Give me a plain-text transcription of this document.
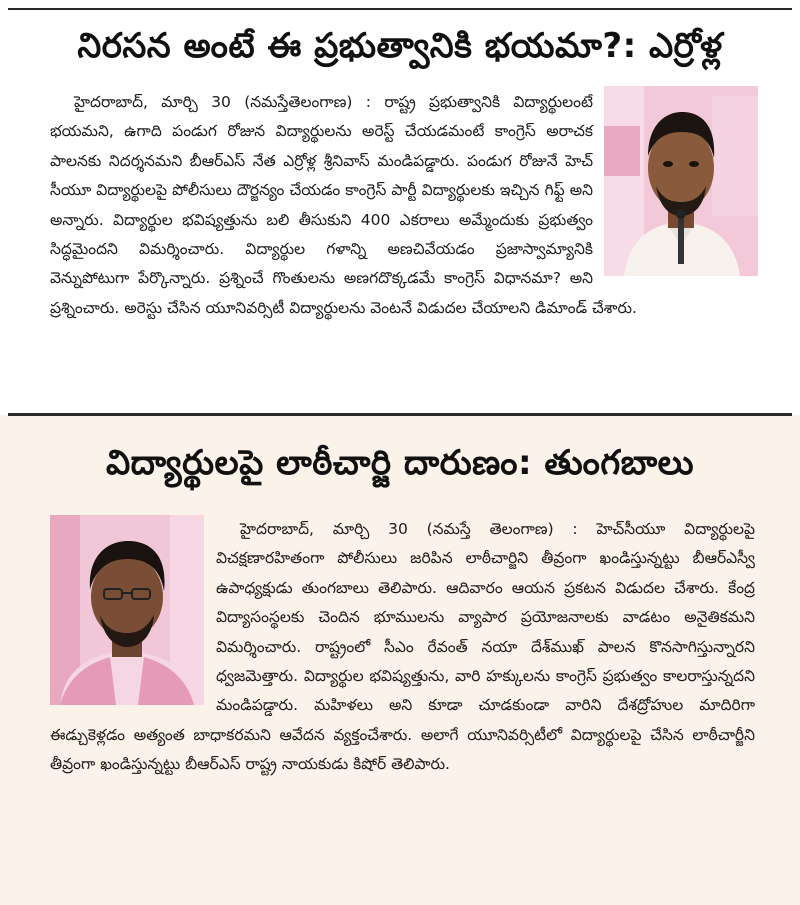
నిరసన అంటే ఈ ప్రభుత్వానికి భయమా?: ఎర్రోళ్ల
హైదరాబాద్, మార్చి 30 (నమస్తేతెలంగాణ) : రాష్ట్ర ప్రభుత్వానికి విద్యార్థులంటే భయమని, ఉగాది పండుగ రోజున విద్యార్థులను అరెస్ట్ చేయడమంటే కాంగ్రెస్ అరాచక పాలనకు నిదర్శనమని బీఆర్ఎస్ నేత ఎర్రోళ్ల శ్రీనివాస్ మండిపడ్డారు. పండుగ రోజునే హెచ్ సీయూ విద్యార్థులపై పోలీసులు దౌర్జన్యం చేయడం కాంగ్రెస్ పార్టీ విద్యార్థులకు ఇచ్చిన గిఫ్ట్ అని అన్నారు. విద్యార్థుల భవిష్యత్తును బలి తీసుకుని 400 ఎకరాలు అమ్మేందుకు ప్రభుత్వం సిద్ధమైందని విమర్శించారు. విద్యార్థుల గళాన్ని అణచివేయడం ప్రజాస్వామ్యానికి వెన్నుపోటుగా పేర్కొన్నారు. ప్రశ్నించే గొంతులను అణగదొక్కడమే కాంగ్రెస్ విధానమా? అని ప్రశ్నించారు. అరెస్టు చేసిన యూనివర్సిటీ విద్యార్థులను వెంటనే విడుదల చేయాలని డిమాండ్ చేశారు.
విద్యార్థులపై లాఠీచార్జి దారుణం: తుంగబాలు
హైదరాబాద్, మార్చి 30 (నమస్తే తెలంగాణ) : హెచ్‌సీయూ విద్యార్థులపై విచక్షణారహితంగా పోలీసులు జరిపిన లాఠీచార్జిని తీవ్రంగా ఖండిస్తున్నట్టు బీఆర్ఎస్వీ ఉపాధ్యక్షుడు తుంగబాలు తెలిపారు. ఆదివారం ఆయన ప్రకటన విడుదల చేశారు. కేంద్ర విద్యాసంస్థలకు చెందిన భూములను వ్యాపార ప్రయోజనాలకు వాడటం అనైతికమని విమర్శించారు. రాష్ట్రంలో సీఎం రేవంత్ నయా దేశ్‌ముఖ్ పాలన కొనసాగిస్తున్నారని ధ్వజమెత్తారు. విద్యార్థుల భవిష్యత్తును, వారి హక్కులను కాంగ్రెస్ ప్రభుత్వం కాలరాస్తున్నదని మండిపడ్డారు. మహిళలు అని కూడా చూడకుండా వారిని దేశద్రోహుల మాదిరిగా ఈడ్చుకెళ్లడం అత్యంత బాధాకరమని ఆవేదన వ్యక్తంచేశారు. అలాగే యూనివర్సిటీలో విద్యార్థులపై చేసిన లాఠీచార్జీని తీవ్రంగా ఖండిస్తున్నట్టు బీఆర్ఎస్ రాష్ట్ర నాయకుడు కిషోర్ తెలిపారు.
